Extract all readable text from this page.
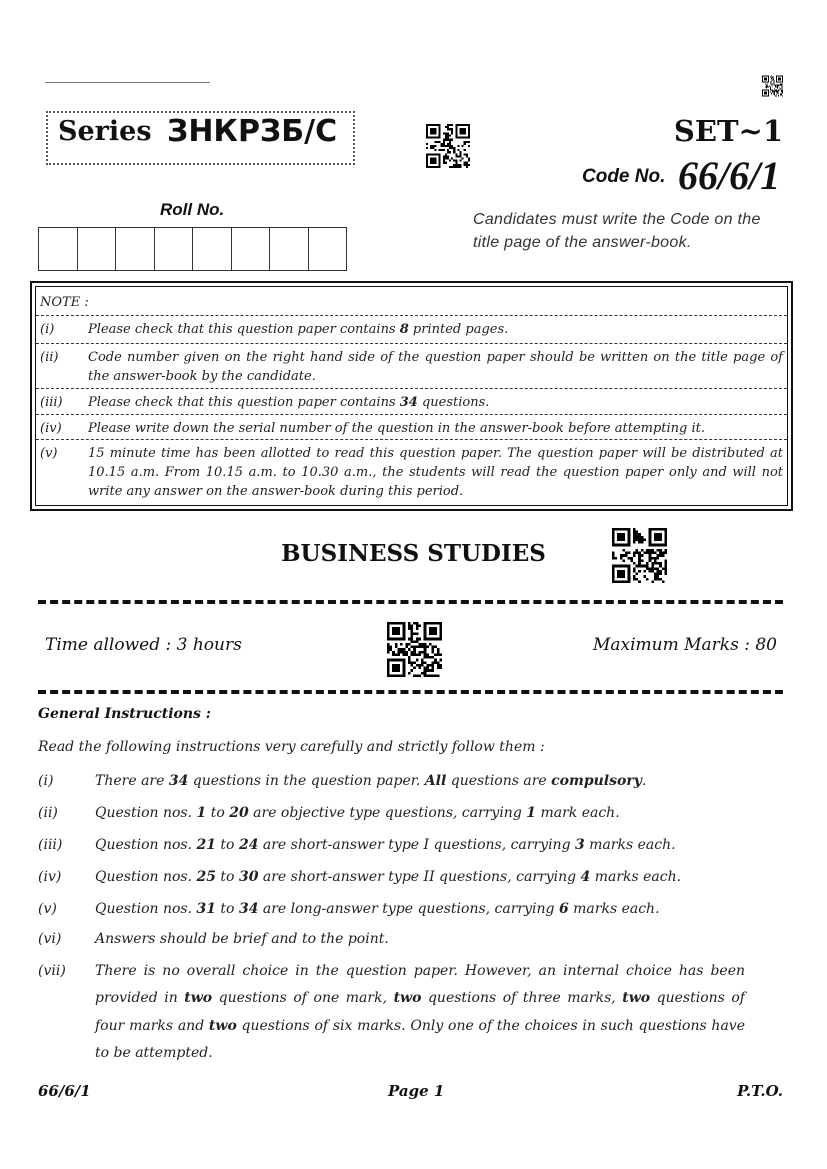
Series ЗНКРЗБ/С	SET~1
Code No. 66/6/1
Roll No.
Candidates must write the Code on the title page of the answer-book.
NOTE :
(i)	Please check that this question paper contains 8 printed pages.
(ii) Code number given on the right hand side of the question paper should be written on the title page of the answer-book by the candidate.
(iii) Please check that this question paper contains 34 questions.
(iv) Please write down the serial number of the question in the answer-book before attempting it.
(v) 15 minute time has been allotted to read this question paper. The question paper will be distributed at 10.15 a.m. From 10.15 a.m. to 10.30 a.m., the students will read the question paper only and will not write any answer on the answer-book during this period.
BUSINESS STUDIES
Time allowed : 3 hours	Maximum Marks : 80
General Instructions :
Read the following instructions very carefully and strictly follow them :
(i)	There are 34 questions in the question paper. All questions are compulsory.
(ii)	Question nos. 1 to 20 are objective type questions, carrying 1 mark each.
(iii) Question nos. 21 to 24 are short-answer type I questions, carrying 3 marks each.
(iv) Question nos. 25 to 30 are short-answer type II questions, carrying 4 marks each.
(v)	Question nos. 31 to 34 are long-answer type questions, carrying 6 marks each.
(vi) Answers should be brief and to the point.
(vii) There is no overall choice in the question paper. However, an internal choice has been provided in two questions of one mark, two questions of three marks, two questions of four marks and two questions of six marks. Only one of the choices in such questions have to be attempted.
66/6/1	Page 1	P.T.O.
